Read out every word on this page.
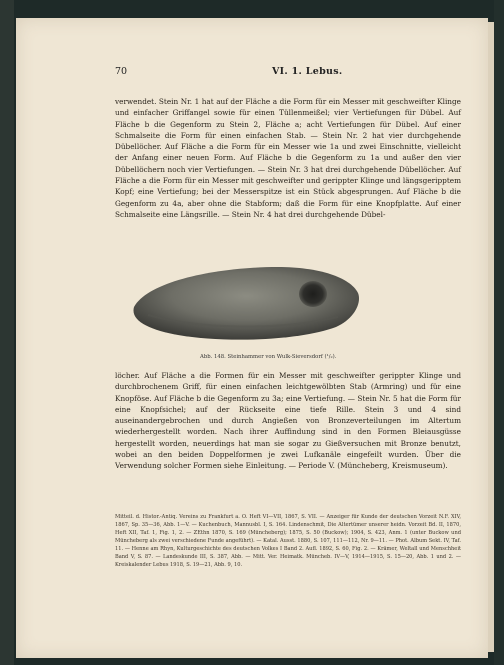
70	VI. 1. Lebus.
verwendet. Stein Nr. 1 hat auf der Fläche a die Form für ein Messer mit geschweifter Klinge und einfacher Griffangel sowie für einen Tüllenmeißel; vier Vertiefungen für Dübel. Auf Fläche b die Gegenform zu Stein 2, Fläche a; acht Vertiefungen für Dübel. Auf einer Schmalseite die Form für einen einfachen Stab. — Stein Nr. 2 hat vier durchgehende Dübellöcher. Auf Fläche a die Form für ein Messer wie 1a und zwei Einschnitte, vielleicht der Anfang einer neuen Form. Auf Fläche b die Gegenform zu 1a und außer den vier Dübellöchern noch vier Vertiefungen. — Stein Nr. 3 hat drei durchgehende Dübellöcher. Auf Fläche a die Form für ein Messer mit geschweifter und gerippter Klinge und längsgeripptem Kopf; eine Vertiefung; bei der Messerspitze ist ein Stück abgesprungen. Auf Fläche b die Gegenform zu 4a, aber ohne die Stabform; daß die Form für eine Knopfplatte. Auf einer Schmalseite eine Längsrille. — Stein Nr. 4 hat drei durchgehende Dübel-
Abb. 148. Steinhammer von Wulk-Sieversdorf (¹/₂).
löcher. Auf Fläche a die Formen für ein Messer mit geschweifter gerippter Klinge und durchbrochenem Griff, für einen einfachen leichtgewölbten Stab (Armring) und für eine Knopföse. Auf Fläche b die Gegenform zu 3a; eine Vertiefung. — Stein Nr. 5 hat die Form für eine Knopfsichel; auf der Rückseite eine tiefe Rille. Stein 3 und 4 sind auseinandergebrochen und durch Angießen von Bronzeverteilungen im Altertum wiederhergestellt worden. Nach ihrer Auffindung sind in den Formen Bleiausgüsse hergestellt worden, neuerdings hat man sie sogar zu Gießversuchen mit Bronze benutzt, wobei an den beiden Doppelformen je zwei Lufkanäle eingefeilt wurden. Über die Verwendung solcher Formen siehe Einleitung. — Periode V. (Müncheberg, Kreismuseum).
Mitteil. d. Histor.-Antiq. Vereins zu Frankfurt a. O. Heft VI—VII, 1867, S. VII. — Anzeiger für Kunde der deutschen Vorzeit N.F. XIV, 1867, Sp. 35—36, Abb. 1—V. — Kuchenbuch, Mannusbl. I, S. 164. Lindenschmit, Die Altertümer unserer heidn. Vorzeit Bd. II, 1870, Heft XII, Taf. 1, Fig. 1, 2. — ZEthn 1870, S. 169 (Müncheberg); 1875, S. 50 (Buckow); 1904, S. 423, Anm. 1 (unter Buckow und Müncheberg als zwei verschiedene Funde angeführt). — Katal. Ausst. 1880, S. 107, 111—112, Nr. 9—11. — Phot. Album Sekt. IV, Taf. 11. — Henne am Rhyn, Kulturgeschichte des deutschen Volkes I Band 2. Aufl. 1892, S. 60, Fig. 2. — Krämer, Weltall und Menschheit Band V, S. 87. — Landeskunde III, S. 387, Abb. — Mitt. Ver. Heimatk. Müncheb. IV—V, 1914—1915, S. 15—20, Abb. 1 und 2. — Kreiskalender Lebus 1918, S. 19—21, Abb. 9, 10.
